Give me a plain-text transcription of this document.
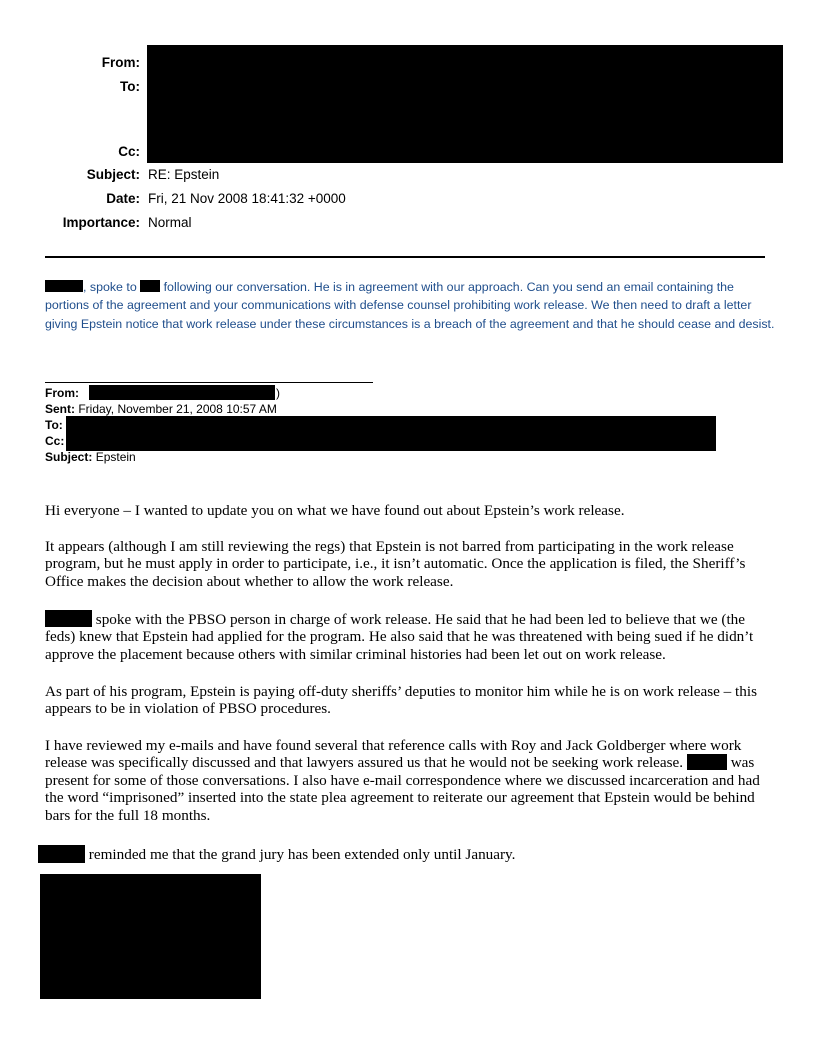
From:
To:
Cc:
Subject: RE: Epstein
Date: Fri, 21 Nov 2008 18:41:32 +0000
Importance: Normal
, spoke to  following our conversation. He is in agreement with our approach. Can you send an email containing the portions of the agreement and your communications with defense counsel prohibiting work release. We then need to draft a letter giving Epstein notice that work release under these circumstances is a breach of the agreement and that he should cease and desist.
From:	)
Sent: Friday, November 21, 2008 10:57 AM
To:
Cc:
Subject: Epstein

Hi everyone – I wanted to update you on what we have found out about Epstein’s work release.

It appears (although I am still reviewing the regs) that Epstein is not barred from participating in the work release program, but he must apply in order to participate, i.e., it isn’t automatic. Once the application is filed, the Sheriff’s Office makes the decision about whether to allow the work release.

spoke with the PBSO person in charge of work release. He said that he had been led to believe that we (the feds) knew that Epstein had applied for the program. He also said that he was threatened with being sued if he didn’t approve the placement because others with similar criminal histories had been let out on work release.

As part of his program, Epstein is paying off-duty sheriffs’ deputies to monitor him while he is on work release – this appears to be in violation of PBSO procedures.

I have reviewed my e-mails and have found several that reference calls with Roy and Jack Goldberger where work release was specifically discussed and that lawyers assured us that he would not be seeking work release.	was present for some of those conversations. I also have e-mail correspondence where we discussed incarceration and had the word “imprisoned” inserted into the state plea agreement to reiterate our agreement that Epstein would be behind bars for the full 18 months.

reminded me that the grand jury has been extended only until January.
